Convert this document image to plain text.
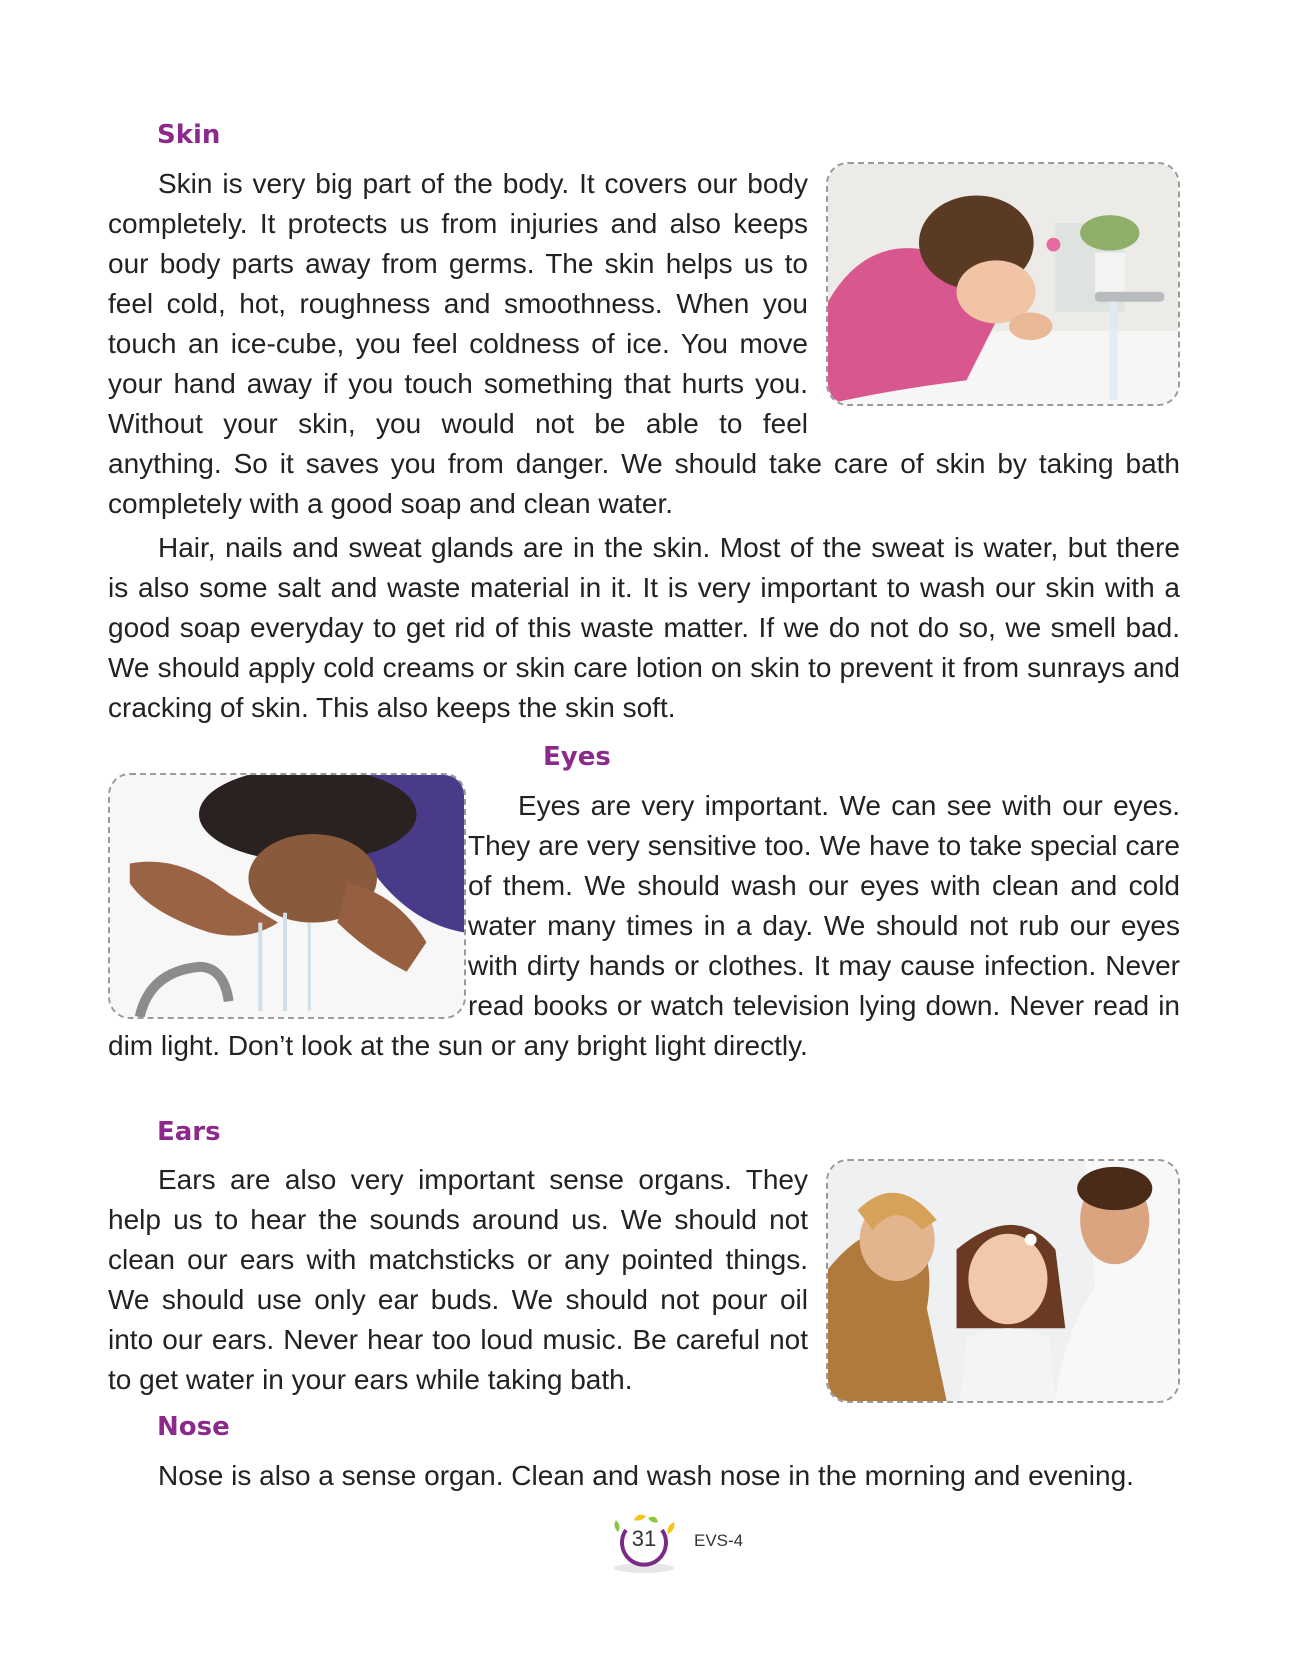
Skin

Skin is very big part of the body. It covers our body completely. It protects us from injuries and also keeps our body parts away from germs. The skin helps us to feel cold, hot, roughness and smoothness. When you touch an ice-cube, you feel coldness of ice. You move your hand away if you touch something that hurts you. Without your skin, you would not be able to feel anything. So it saves you from danger. We should take care of skin by taking bath completely with a good soap and clean water.

Hair, nails and sweat glands are in the skin. Most of the sweat is water, but there is also some salt and waste material in it. It is very important to wash our skin with a good soap everyday to get rid of this waste matter. If we do not do so, we smell bad. We should apply cold creams or skin care lotion on skin to prevent it from sunrays and cracking of skin. This also keeps the skin soft.

Eyes

Eyes are very important. We can see with our eyes. They are very sensitive too. We have to take special care of them. We should wash our eyes with clean and cold water many times in a day. We should not rub our eyes with dirty hands or clothes. It may cause infection. Never read books or watch television lying down. Never read in dim light. Don’t look at the sun or any bright light directly.

Ears

Ears are also very important sense organs. They help us to hear the sounds around us. We should not clean our ears with matchsticks or any pointed things. We should use only ear buds. We should not pour oil into our ears. Never hear too loud music. Be careful not to get water in your ears while taking bath.

Nose

Nose is also a sense organ. Clean and wash nose in the morning and evening.

31	EVS-4
